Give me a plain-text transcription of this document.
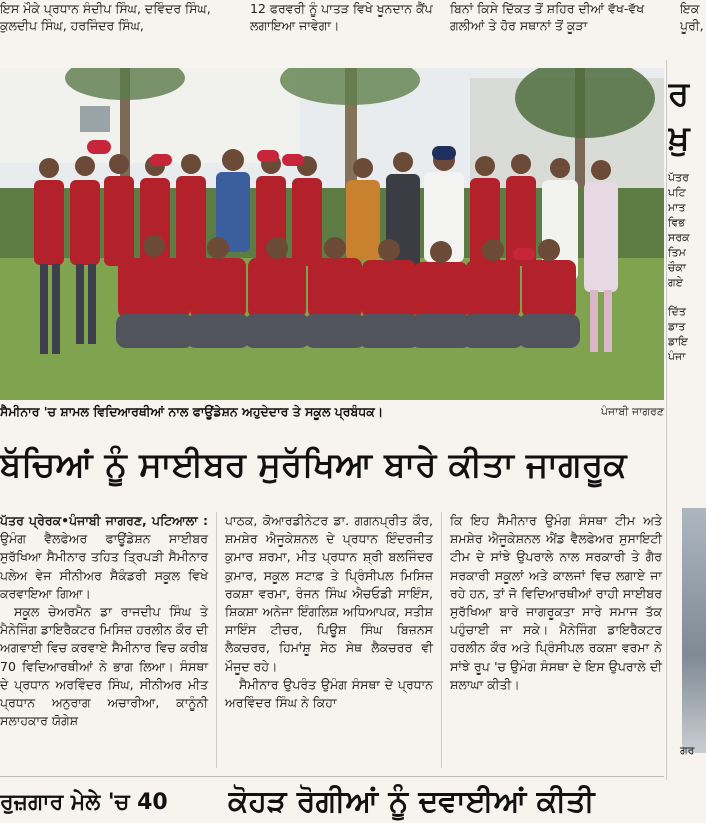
ਇਸ ਮੌਕੇ ਪ੍ਰਧਾਨ ਸੰਦੀਪ ਸਿੰਘ, ਦਵਿੰਦਰ ਸਿੰਘ, ਕੁਲਦੀਪ ਸਿੰਘ, ਹਰਜਿੰਦਰ ਸਿੰਘ,
12 ਫਰਵਰੀ ਨੂੰ ਪਾਤੜ ਵਿਖੇ ਖੂਨਦਾਨ ਕੈਂਪ ਲਗਾਇਆ ਜਾਵੇਗਾ।
ਬਿਨਾਂ ਕਿਸੇ ਦਿੱਕਤ ਤੋਂ ਸ਼ਹਿਰ ਦੀਆਂ ਵੱਖ-ਵੱਖ ਗਲੀਆਂ ਤੇ ਹੋਰ ਸਥਾਨਾਂ ਤੋਂ ਕੂੜਾ
ਇਕ ਪੂਰੀ,
ਸੈਮੀਨਾਰ 'ਚ ਸ਼ਾਮਲ ਵਿਦਿਆਰਥੀਆਂ ਨਾਲ ਫਾਊਂਡੇਸ਼ਨ ਅਹੁਦੇਦਾਰ ਤੇ ਸਕੂਲ ਪ੍ਰਬੰਧਕ।	ਪੰਜਾਬੀ ਜਾਗਰਣ
ਬੱਚਿਆਂ ਨੂੰ ਸਾਈਬਰ ਸੁਰੱਖਿਆ ਬਾਰੇ ਕੀਤਾ ਜਾਗਰੂਕ

ਪੱਤਰ ਪ੍ਰੇਰਕ•ਪੰਜਾਬੀ ਜਾਗਰਣ, ਪਟਿਆਲਾ : ਉਮੰਗ ਵੈਲਫੇਅਰ ਫਾਊਂਡੇਸ਼ਨ ਸਾਈਬਰ ਸੁਰੱਖਿਆ ਸੈਮੀਨਾਰ ਤਹਿਤ ਤ੍ਰਿਪੜੀ ਸੈਮੀਨਾਰ ਪਲੇਅ ਵੇਜ ਸੀਨੀਅਰ ਸੈਕੰਡਰੀ ਸਕੂਲ ਵਿਖੇ ਕਰਵਾਇਆ ਗਿਆ।

ਸਕੂਲ ਚੇਅਰਮੈਨ ਡਾ ਰਾਜਦੀਪ ਸਿੰਘ ਤੇ ਮੈਨੇਜਿੰਗ ਡਾਇਰੈਕਟਰ ਮਿਸਿਜ਼ ਹਰਲੀਨ ਕੌਰ ਦੀ ਅਗਵਾਈ ਵਿਚ ਕਰਵਾਏ ਸੈਮੀਨਾਰ ਵਿਚ ਕਰੀਬ 70 ਵਿਦਿਆਰਥੀਆਂ ਨੇ ਭਾਗ ਲਿਆ। ਸੰਸਥਾ ਦੇ ਪ੍ਰਧਾਨ ਅਰਵਿੰਦਰ ਸਿੰਘ, ਸੀਨੀਅਰ ਮੀਤ ਪ੍ਰਧਾਨ ਅਨੁਰਾਗ ਅਚਾਰੀਆ, ਕਾਨੂੰਨੀ ਸਲਾਹਕਾਰ ਯੋਗੇਸ਼

ਪਾਠਕ, ਕੋਆਰਡੀਨੇਟਰ ਡਾ. ਗਗਨਪ੍ਰੀਤ ਕੌਰ, ਸ਼ਮਸ਼ੇਰ ਐਜੂਕੇਸ਼ਨਲ ਦੇ ਪ੍ਰਧਾਨ ਇੰਦਰਜੀਤ ਕੁਮਾਰ ਸ਼ਰਮਾ, ਮੀਤ ਪ੍ਰਧਾਨ ਸ਼੍ਰੀ ਬਲਜਿੰਦਰ ਕੁਮਾਰ, ਸਕੂਲ ਸਟਾਫ਼ ਤੇ ਪ੍ਰਿੰਸੀਪਲ ਮਿਸਿਜ਼ ਰਕਸ਼ਾ ਵਰਮਾ, ਰੰਜਨ ਸਿੰਘ ਐਚਓਡੀ ਸਾਇੰਸ, ਸ਼ਿਕਸ਼ਾ ਅਨੇਜਾ ਇੰਗਲਿਸ਼ ਅਧਿਆਪਕ, ਸਤੀਸ਼ ਸਾਇੰਸ ਟੀਚਰ, ਪਿਊਸ਼ ਸਿੰਘ ਬਿਜ਼ਨਸ ਲੈਕਚਰਰ, ਹਿਮਾਂਸ਼ੂ ਸੇਠ ਸੇਥ ਲੈਕਚਰਰ ਵੀ ਮੌਜੂਦ ਰਹੇ।

ਸੈਮੀਨਾਰ ਉਪਰੰਤ ਉਮੰਗ ਸੰਸਥਾ ਦੇ ਪ੍ਰਧਾਨ ਅਰਵਿੰਦਰ ਸਿੰਘ ਨੇ ਕਿਹਾ

ਕਿ ਇਹ ਸੈਮੀਨਾਰ ਉਮੰਗ ਸੰਸਥਾ ਟੀਮ ਅਤੇ ਸ਼ਮਸ਼ੇਰ ਐਜੂਕੇਸ਼ਨਲ ਐਂਡ ਵੈਲਫੇਅਰ ਸੁਸਾਇਟੀ ਟੀਮ ਦੇ ਸਾਂਝੇ ਉਪਰਾਲੇ ਨਾਲ ਸਰਕਾਰੀ ਤੇ ਗੈਰ ਸਰਕਾਰੀ ਸਕੂਲਾਂ ਅਤੇ ਕਾਲਜਾਂ ਵਿਚ ਲਗਾਏ ਜਾ ਰਹੇ ਹਨ, ਤਾਂ ਜੋ ਵਿਦਿਆਰਥੀਆਂ ਰਾਹੀ ਸਾਈਬਰ ਸੁਰੱਖਿਆ ਬਾਰੇ ਜਾਗਰੂਕਤਾ ਸਾਰੇ ਸਮਾਜ ਤੱਕ ਪਹੁੰਚਾਈ ਜਾ ਸਕੇ। ਮੈਨੇਜਿੰਗ ਡਾਇਰੈਕਟਰ ਹਰਲੀਨ ਕੌਰ ਅਤੇ ਪ੍ਰਿੰਸੀਪਲ ਰਕਸ਼ਾ ਵਰਮਾ ਨੇ ਸਾਂਝੇ ਰੂਪ 'ਚ ਉਮੰਗ ਸੰਸਥਾ ਦੇ ਇਸ ਉਪਰਾਲੇ ਦੀ ਸ਼ਲਾਘਾ ਕੀਤੀ।

ਰ
ਖ਼ੁ
ਪੱਤਰ
ਪਟਿ
ਮਾਤ
ਵਿਭ
ਸਰਕ
ਤਿਮ
ਚੌਕਾ
ਗਏ
ਦਿੱਤ
ਡਾਤ
ਡਾਇ
ਪੰਜਾ
ਗਰ
ਰੁਜ਼ਗਾਰ ਮੇਲੇ 'ਚ 40 ਕੋਹੜ ਰੋਗੀਆਂ ਨੂੰ ਦਵਾਈਆਂ ਕੀਤੀ
